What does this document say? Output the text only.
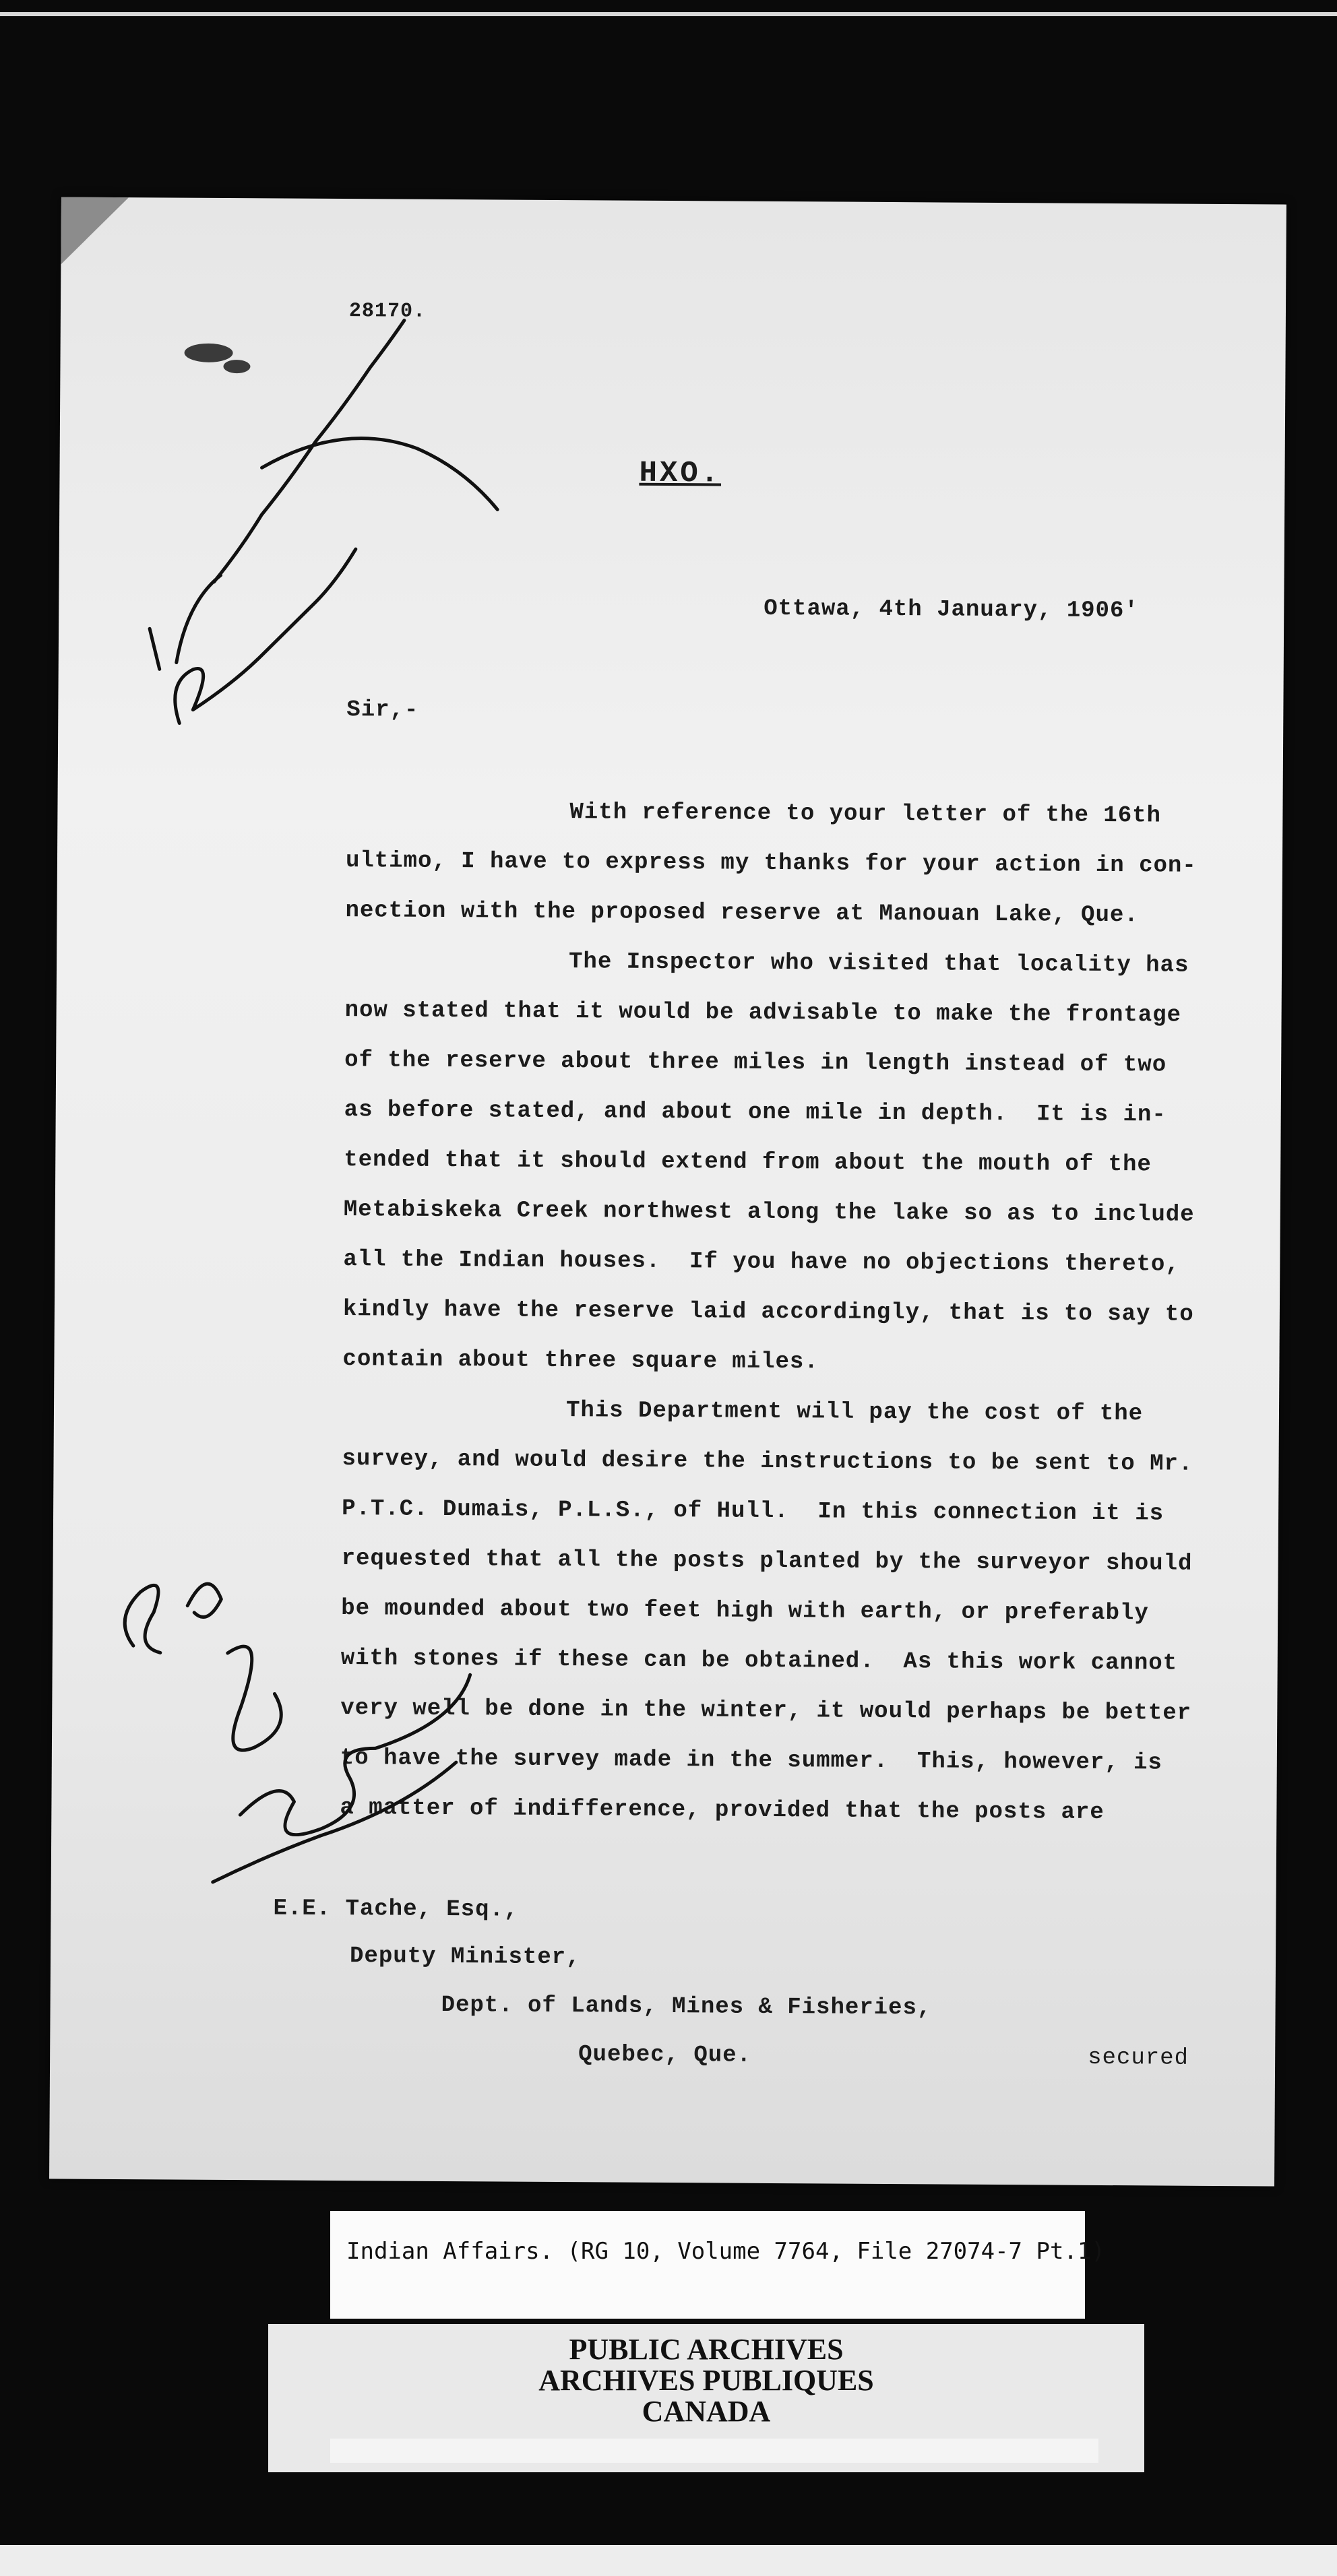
28170.

HXO.

Ottawa, 4th January, 1906'

Sir,-

With reference to your letter of the 16th

ultimo, I have to express my thanks for your action in con-

nection with the proposed reserve at Manouan Lake, Que.

The Inspector who visited that locality has

now stated that it would be advisable to make the frontage

of the reserve about three miles in length instead of two

as before stated, and about one mile in depth.  It is in-

tended that it should extend from about the mouth of the

Metabiskeka Creek northwest along the lake so as to include

all the Indian houses.  If you have no objections thereto,

kindly have the reserve laid accordingly, that is to say to

contain about three square miles.

This Department will pay the cost of the

survey, and would desire the instructions to be sent to Mr.

P.T.C. Dumais, P.L.S., of Hull.  In this connection it is

requested that all the posts planted by the surveyor should

be mounded about two feet high with earth, or preferably

with stones if these can be obtained.  As this work cannot

very well be done in the winter, it would perhaps be better

to have the survey made in the summer.  This, however, is

a matter of indifference, provided that the posts are

E.E. Tache, Esq.,

Deputy Minister,

Dept. of Lands, Mines & Fisheries,

Quebec, Que.	secured

Indian Affairs. (RG 10, Volume 7764, File 27074-7 Pt.1)

PUBLIC ARCHIVES

ARCHIVES PUBLIQUES

CANADA
